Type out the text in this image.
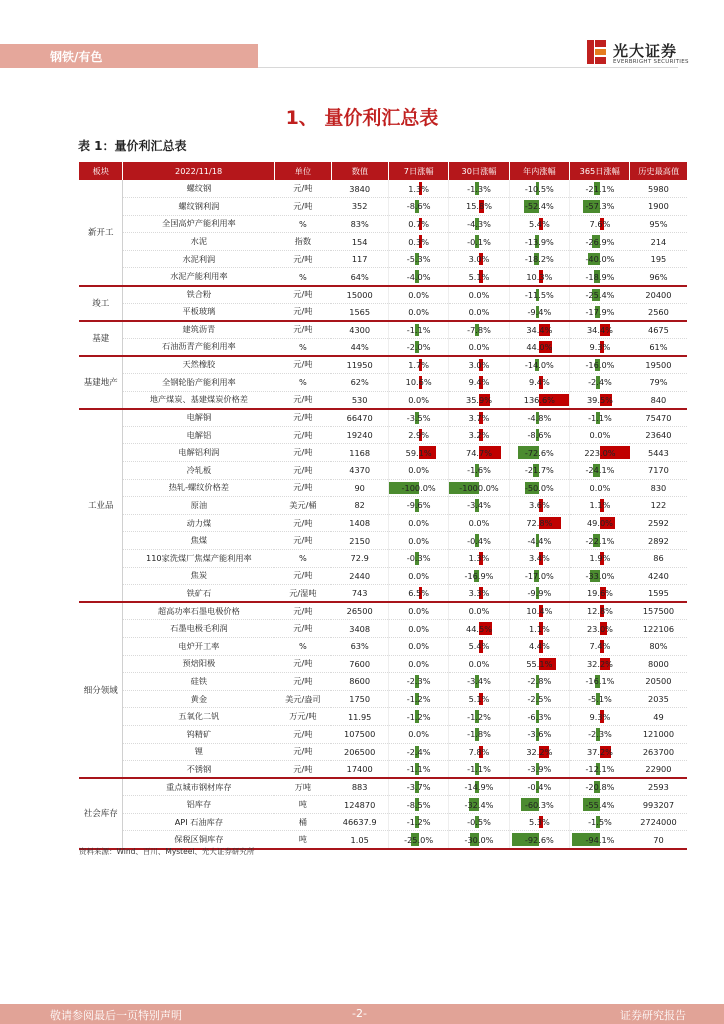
钢铁/有色	光大证券
EVERBRIGHT SECURITIES
1、 量价利汇总表
表 1：量价利汇总表
板块	2022/11/18	单位	数值	7日涨幅	30日涨幅	年内涨幅	365日涨幅	历史最高值
新开工	螺纹钢	元/吨	3840	1.3%	-1.3%	-10.5%	-21.1%	5980
	螺纹钢利润	元/吨	352	-8.6%	15.8%	-52.4%	-57.3%	1900
	全国高炉产能利用率	%	83%	0.7%	-4.3%	5.4%	7.6%	95%
	水泥	指数	154	0.3%	-0.1%	-13.9%	-26.9%	214
	水泥利润	元/吨	117	-5.3%	3.0%	-18.2%	-40.0%	195
	水泥产能利用率	%	64%	-4.0%	5.1%	10.3%	-18.9%	96%
竣工	铁合粉	元/吨	15000	0.0%	0.0%	-11.5%	-25.4%	20400
	平板玻璃	元/吨	1565	0.0%	0.0%	-9.4%	-17.9%	2560
基建	建筑沥青	元/吨	4300	-1.1%	-7.8%	34.4%	34.4%	4675
	石油沥青产能利用率	%	44%	-2.0%	0.0%	44.0%	9.3%	61%
基建地产	天然橡胶	元/吨	11950	1.7%	3.0%	-14.0%	-16.0%	19500
	全钢轮胎产能利用率	%	62%	10.6%	9.4%	9.4%	-2.4%	79%
	地产煤炭、基建煤炭价格差	元/吨	530	0.0%	35.9%	136.6%	39.5%	840
工业品	电解铜	元/吨	66470	-3.5%	3.7%	-4.8%	-1.1%	75470
	电解铝	元/吨	19240	2.9%	3.2%	-8.6%	0.0%	23640
	电解铝利润	元/吨	1168	59.1%	74.7%	-72.6%	223.0%	5443
	冷轧板	元/吨	4370	0.0%	-1.6%	-21.7%	-24.1%	7170
	热轧-螺纹价格差	元/吨	90	-100.0%	-1000.0%	-50.0%	0.0%	830
	原油	美元/桶	82	-9.6%	-3.4%	3.6%	1.1%	122
	动力煤	元/吨	1408	0.0%	0.0%	72.8%	49.0%	2592
	焦煤	元/吨	2150	0.0%	-0.4%	-4.4%	-22.1%	2892
	110家洗煤厂焦煤产能利用率	%	72.9	-0.3%	1.3%	3.4%	1.9%	86
	焦炭	元/吨	2440	0.0%	-16.9%	-17.0%	-33.0%	4240
	铁矿石	元/湿吨	743	6.5%	3.3%	-9.9%	19.6%	1595
细分领域	超高功率石墨电极价格	元/吨	26500	0.0%	0.0%	10.4%	12.8%	157500
	石墨电极毛利润	元/吨	3408	0.0%	44.5%	1.1%	23.0%	122106
	电炉开工率	%	63%	0.0%	5.4%	4.4%	7.4%	80%
	预焙阳极	元/吨	7600	0.0%	0.0%	55.1%	32.2%	8000
	硅铁	元/吨	8600	-2.3%	-3.4%	-2.8%	-16.1%	20500
	黄金	美元/盎司	1750	-1.2%	5.1%	-2.5%	-5.1%	2035
	五氧化二钒	万元/吨	11.95	-1.2%	-1.2%	-6.3%	9.3%	49
	钨精矿	元/吨	107500	0.0%	-1.8%	-3.6%	-2.3%	121000
	锂	元/吨	206500	-2.4%	7.8%	32.2%	37.2%	263700
	不锈钢	元/吨	17400	-1.1%	-1.1%	-3.9%	-12.1%	22900
社会库存	重点城市钢材库存	万吨	883	-3.7%	-14.9%	-0.4%	-20.8%	2593
	铝库存	吨	124870	-8.5%	-32.4%	-60.3%	-55.4%	993207
	API 石油库存	桶	46637.9	-1.2%	-0.5%	5.3%	-1.5%	2724000
	保税区铜库存	吨	1.05	-25.0%	-30.0%	-92.6%	-94.1%	70
资料来源：Wind、百川、Mysteel、光大证券研究所
敬请参阅最后一页特别声明	-2-	证券研究报告
